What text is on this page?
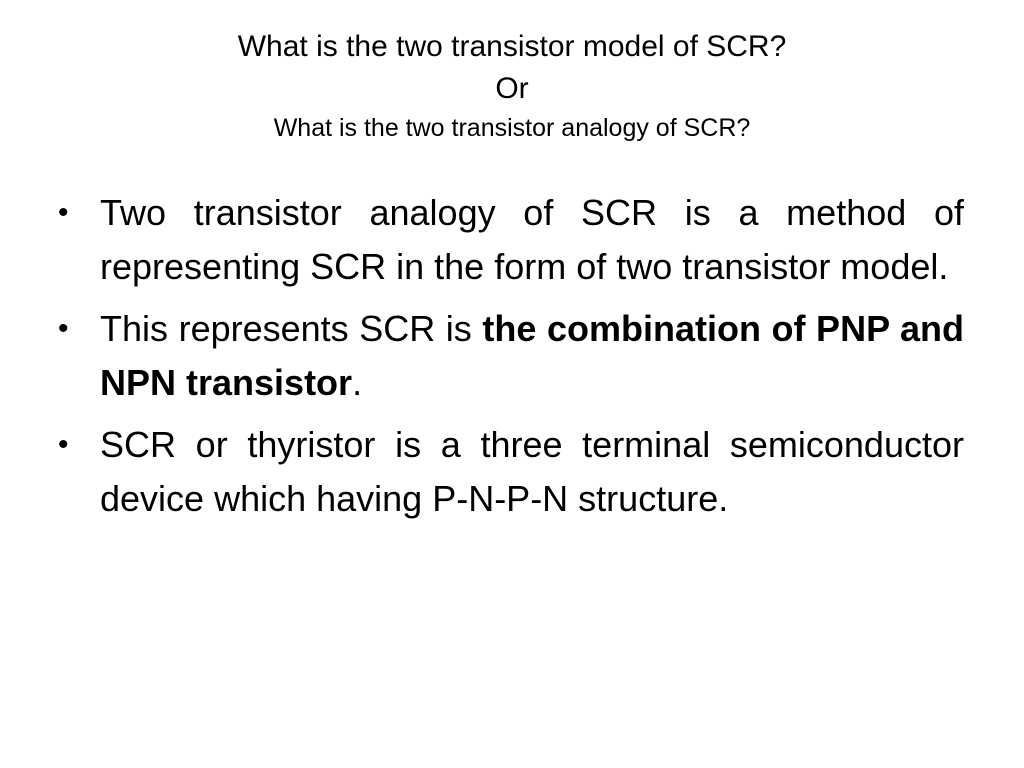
What is the two transistor model of SCR?
Or
What is the two transistor analogy of SCR?
• Two transistor analogy of SCR is a method of representing SCR in the form of two transistor model.
• This represents SCR is the combination of PNP and NPN transistor.
• SCR or thyristor is a three terminal semiconductor device which having P-N-P-N structure.
